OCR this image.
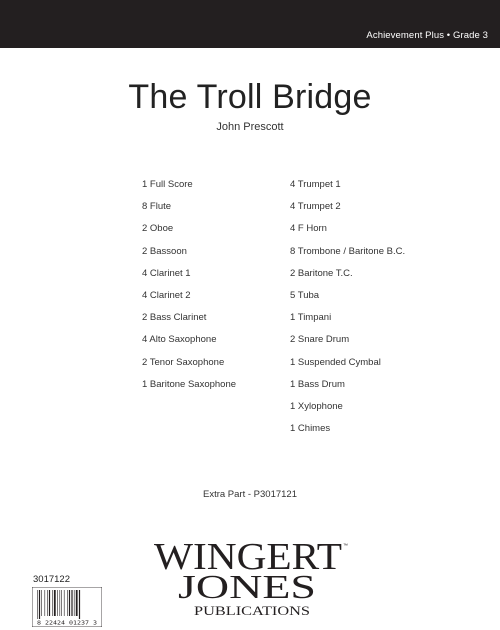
Achievement Plus • Grade 3
The Troll Bridge
John Prescott
1 Full Score
8 Flute
2 Oboe
2 Bassoon
4 Clarinet 1
4 Clarinet 2
2 Bass Clarinet
4 Alto Saxophone
2 Tenor Saxophone
1 Baritone Saxophone
4 Trumpet 1
4 Trumpet 2
4 F Horn
8 Trombone / Baritone B.C.
2 Baritone T.C.
5 Tuba
1 Timpani
2 Snare Drum
1 Suspended Cymbal
1 Bass Drum
1 Xylophone
1 Chimes
Extra Part - P3017121
WINGERT ™
JONES
PUBLICATIONS
3017122
8 22424 01237 3
